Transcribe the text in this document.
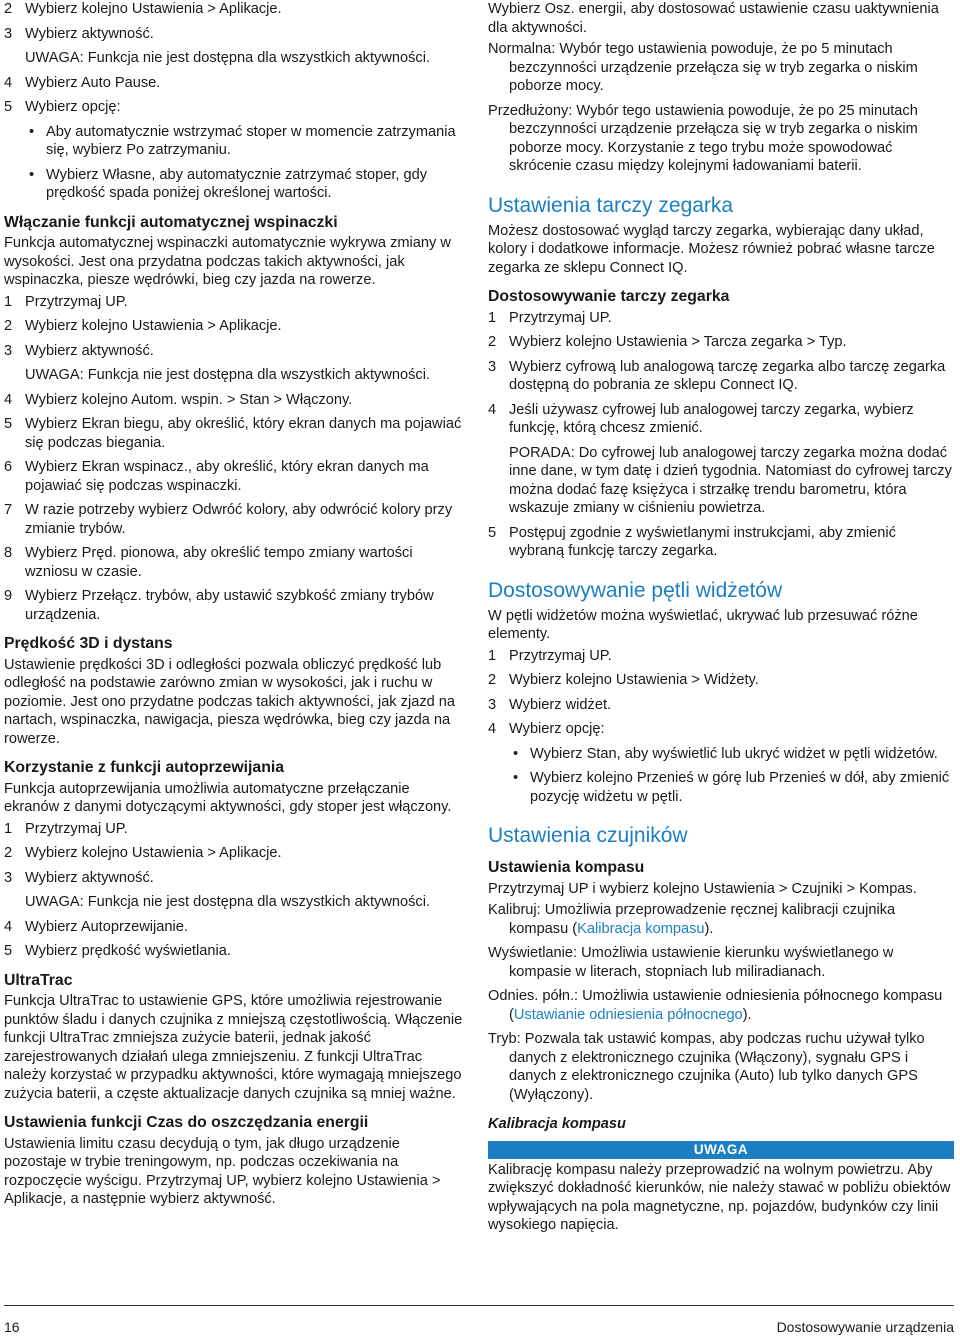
2 Wybierz kolejno Ustawienia > Aplikacje.
3 Wybierz aktywność.
UWAGA: Funkcja nie jest dostępna dla wszystkich aktywności.
4 Wybierz Auto Pause.
5 Wybierz opcję:
• Aby automatycznie wstrzymać stoper w momencie zatrzymania się, wybierz Po zatrzymaniu.
• Wybierz Własne, aby automatycznie zatrzymać stoper, gdy prędkość spada poniżej określonej wartości.
Włączanie funkcji automatycznej wspinaczki

Funkcja automatycznej wspinaczki automatycznie wykrywa zmiany w wysokości. Jest ona przydatna podczas takich aktywności, jak wspinaczka, piesze wędrówki, bieg czy jazda na rowerze.

1 Przytrzymaj UP.
2 Wybierz kolejno Ustawienia > Aplikacje.
3 Wybierz aktywność.
UWAGA: Funkcja nie jest dostępna dla wszystkich aktywności.
4 Wybierz kolejno Autom. wspin. > Stan > Włączony.
5 Wybierz Ekran biegu, aby określić, który ekran danych ma pojawiać się podczas biegania.
6 Wybierz Ekran wspinacz., aby określić, który ekran danych ma pojawiać się podczas wspinaczki.
7 W razie potrzeby wybierz Odwróć kolory, aby odwrócić kolory przy zmianie trybów.
8 Wybierz Pręd. pionowa, aby określić tempo zmiany wartości wzniosu w czasie.
9 Wybierz Przełącz. trybów, aby ustawić szybkość zmiany trybów urządzenia.
Prędkość 3D i dystans

Ustawienie prędkości 3D i odległości pozwala obliczyć prędkość lub odległość na podstawie zarówno zmian w wysokości, jak i ruchu w poziomie. Jest ono przydatne podczas takich aktywności, jak zjazd na nartach, wspinaczka, nawigacja, piesza wędrówka, bieg czy jazda na rowerze.

Korzystanie z funkcji autoprzewijania

Funkcja autoprzewijania umożliwia automatyczne przełączanie ekranów z danymi dotyczącymi aktywności, gdy stoper jest włączony.

1 Przytrzymaj UP.
2 Wybierz kolejno Ustawienia > Aplikacje.
3 Wybierz aktywność.
UWAGA: Funkcja nie jest dostępna dla wszystkich aktywności.
4 Wybierz Autoprzewijanie.
5 Wybierz prędkość wyświetlania.
UltraTrac

Funkcja UltraTrac to ustawienie GPS, które umożliwia rejestrowanie punktów śladu i danych czujnika z mniejszą częstotliwością. Włączenie funkcji UltraTrac zmniejsza zużycie baterii, jednak jakość zarejestrowanych działań ulega zmniejszeniu. Z funkcji UltraTrac należy korzystać w przypadku aktywności, które wymagają mniejszego zużycia baterii, a częste aktualizacje danych czujnika są mniej ważne.

Ustawienia funkcji Czas do oszczędzania energii

Ustawienia limitu czasu decydują o tym, jak długo urządzenie pozostaje w trybie treningowym, np. podczas oczekiwania na rozpoczęcie wyścigu. Przytrzymaj UP, wybierz kolejno Ustawienia > Aplikacje, a następnie wybierz aktywność.

Wybierz Osz. energii, aby dostosować ustawienie czasu uaktywnienia dla aktywności.

Normalna: Wybór tego ustawienia powoduje, że po 5 minutach bezczynności urządzenie przełącza się w tryb zegarka o niskim poborze mocy.

Przedłużony: Wybór tego ustawienia powoduje, że po 25 minutach bezczynności urządzenie przełącza się w tryb zegarka o niskim poborze mocy. Korzystanie z tego trybu może spowodować skrócenie czasu między kolejnymi ładowaniami baterii.

Ustawienia tarczy zegarka

Możesz dostosować wygląd tarczy zegarka, wybierając dany układ, kolory i dodatkowe informacje. Możesz również pobrać własne tarcze zegarka ze sklepu Connect IQ.

Dostosowywanie tarczy zegarka
1 Przytrzymaj UP.
2 Wybierz kolejno Ustawienia > Tarcza zegarka > Typ.
3 Wybierz cyfrową lub analogową tarczę zegarka albo tarczę zegarka dostępną do pobrania ze sklepu Connect IQ.
4 Jeśli używasz cyfrowej lub analogowej tarczy zegarka, wybierz funkcję, którą chcesz zmienić.
PORADA: Do cyfrowej lub analogowej tarczy zegarka można dodać inne dane, w tym datę i dzień tygodnia. Natomiast do cyfrowej tarczy można dodać fazę księżyca i strzałkę trendu barometru, która wskazuje zmiany w ciśnieniu powietrza.
5 Postępuj zgodnie z wyświetlanymi instrukcjami, aby zmienić wybraną funkcję tarczy zegarka.
Dostosowywanie pętli widżetów

W pętli widżetów można wyświetlać, ukrywać lub przesuwać różne elementy.

1 Przytrzymaj UP.
2 Wybierz kolejno Ustawienia > Widżety.
3 Wybierz widżet.
4 Wybierz opcję:
• Wybierz Stan, aby wyświetlić lub ukryć widżet w pętli widżetów.
• Wybierz kolejno Przenieś w górę lub Przenieś w dół, aby zmienić pozycję widżetu w pętli.
Ustawienia czujników
Ustawienia kompasu

Przytrzymaj UP i wybierz kolejno Ustawienia > Czujniki > Kompas.

Kalibruj: Umożliwia przeprowadzenie ręcznej kalibracji czujnika kompasu (Kalibracja kompasu).

Wyświetlanie: Umożliwia ustawienie kierunku wyświetlanego w kompasie w literach, stopniach lub miliradianach.

Odnies. półn.: Umożliwia ustawienie odniesienia północnego kompasu (Ustawianie odniesienia północnego).

Tryb: Pozwala tak ustawić kompas, aby podczas ruchu używał tylko danych z elektronicznego czujnika (Włączony), sygnału GPS i danych z elektronicznego czujnika (Auto) lub tylko danych GPS (Wyłączony).

Kalibracja kompasu
UWAGA

Kalibrację kompasu należy przeprowadzić na wolnym powietrzu. Aby zwiększyć dokładność kierunków, nie należy stawać w pobliżu obiektów wpływających na pola magnetyczne, np. pojazdów, budynków czy linii wysokiego napięcia.

16	Dostosowywanie urządzenia
